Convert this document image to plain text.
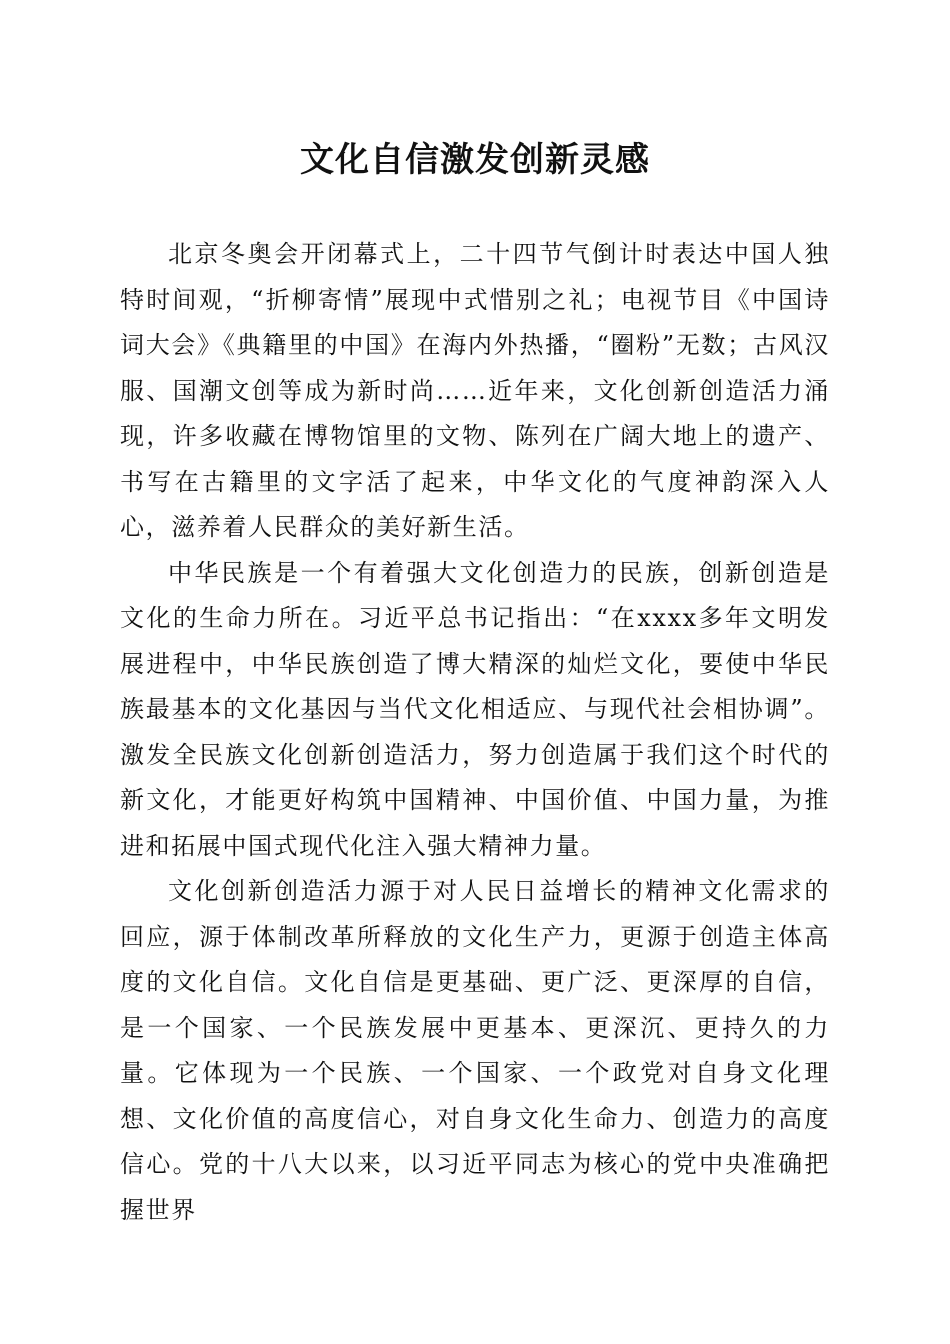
文化自信激发创新灵感

北京冬奥会开闭幕式上，二十四节气倒计时表达中国人独特时间观，“折柳寄情”展现中式惜别之礼；电视节目《中国诗词大会》《典籍里的中国》在海内外热播，“圈粉”无数；古风汉服、国潮文创等成为新时尚……近年来，文化创新创造活力涌现，许多收藏在博物馆里的文物、陈列在广阔大地上的遗产、书写在古籍里的文字活了起来，中华文化的气度神韵深入人心，滋养着人民群众的美好新生活。

中华民族是一个有着强大文化创造力的民族，创新创造是文化的生命力所在。习近平总书记指出：“在xxxx多年文明发展进程中，中华民族创造了博大精深的灿烂文化，要使中华民族最基本的文化基因与当代文化相适应、与现代社会相协调”。激发全民族文化创新创造活力，努力创造属于我们这个时代的新文化，才能更好构筑中国精神、中国价值、中国力量，为推进和拓展中国式现代化注入强大精神力量。

文化创新创造活力源于对人民日益增长的精神文化需求的回应，源于体制改革所释放的文化生产力，更源于创造主体高度的文化自信。文化自信是更基础、更广泛、更深厚的自信，是一个国家、一个民族发展中更基本、更深沉、更持久的力量。它体现为一个民族、一个国家、一个政党对自身文化理想、文化价值的高度信心，对自身文化生命力、创造力的高度信心。党的十八大以来，以习近平同志为核心的党中央准确把握世界
